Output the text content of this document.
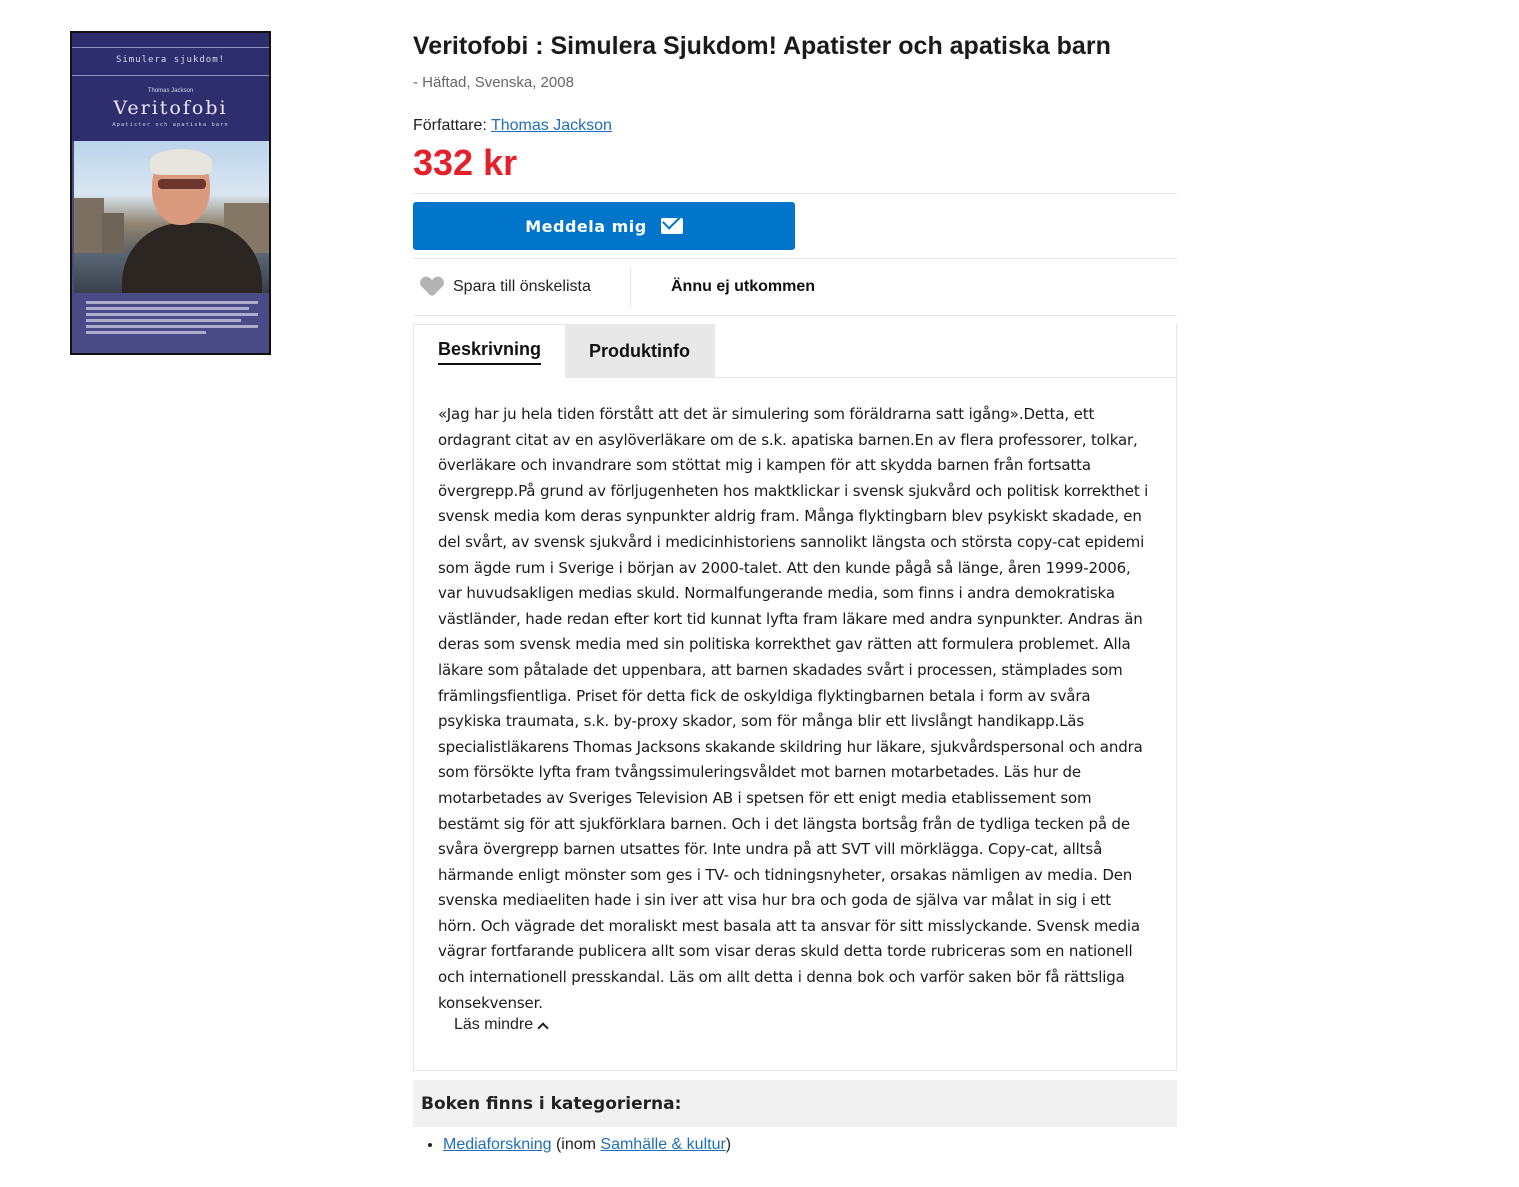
Simulera sjukdom!
Thomas Jackson
Veritofobi
Apatister och apatiska barn
Veritofobi : Simulera Sjukdom! Apatister och apatiska barn - Häftad, Svenska, 2008
Författare: Thomas Jackson
332 kr
Meddela mig
Spara till önskelista	Ännu ej utkommen
Beskrivning	Produktinfo

«Jag har ju hela tiden förstått att det är simulering som föräldrarna satt igång».Detta, ett ordagrant citat av en asylöverläkare om de s.k. apatiska barnen.En av flera professorer, tolkar, överläkare och invandrare som stöttat mig i kampen för att skydda barnen från fortsatta övergrepp.På grund av förljugenheten hos maktklickar i svensk sjukvård och politisk korrekthet i svensk media kom deras synpunkter aldrig fram. Många flyktingbarn blev psykiskt skadade, en del svårt, av svensk sjukvård i medicinhistoriens sannolikt längsta och största copy-cat epidemi som ägde rum i Sverige i början av 2000-talet. Att den kunde pågå så länge, åren 1999-2006, var huvudsakligen medias skuld. Normalfungerande media, som finns i andra demokratiska västländer, hade redan efter kort tid kunnat lyfta fram läkare med andra synpunkter. Andras än deras som svensk media med sin politiska korrekthet gav rätten att formulera problemet. Alla läkare som påtalade det uppenbara, att barnen skadades svårt i processen, stämplades som främlingsfientliga. Priset för detta fick de oskyldiga flyktingbarnen betala i form av svåra psykiska traumata, s.k. by-proxy skador, som för många blir ett livslångt handikapp.Läs specialistläkarens Thomas Jacksons skakande skildring hur läkare, sjukvårdspersonal och andra som försökte lyfta fram tvångssimuleringsvåldet mot barnen motarbetades. Läs hur de motarbetades av Sveriges Television AB i spetsen för ett enigt media etablissement som bestämt sig för att sjukförklara barnen. Och i det längsta bortsåg från de tydliga tecken på de svåra övergrepp barnen utsattes för. Inte undra på att SVT vill mörklägga. Copy-cat, alltså härmande enligt mönster som ges i TV- och tidningsnyheter, orsakas nämligen av media. Den svenska mediaeliten hade i sin iver att visa hur bra och goda de själva var målat in sig i ett hörn. Och vägrade det moraliskt mest basala att ta ansvar för sitt misslyckande. Svensk media vägrar fortfarande publicera allt som visar deras skuld detta torde rubriceras som en nationell och internationell presskandal. Läs om allt detta i denna bok och varför saken bör få rättsliga konsekvenser.

Läs mindre
Boken finns i kategorierna:
• Mediaforskning (inom Samhälle & kultur)
